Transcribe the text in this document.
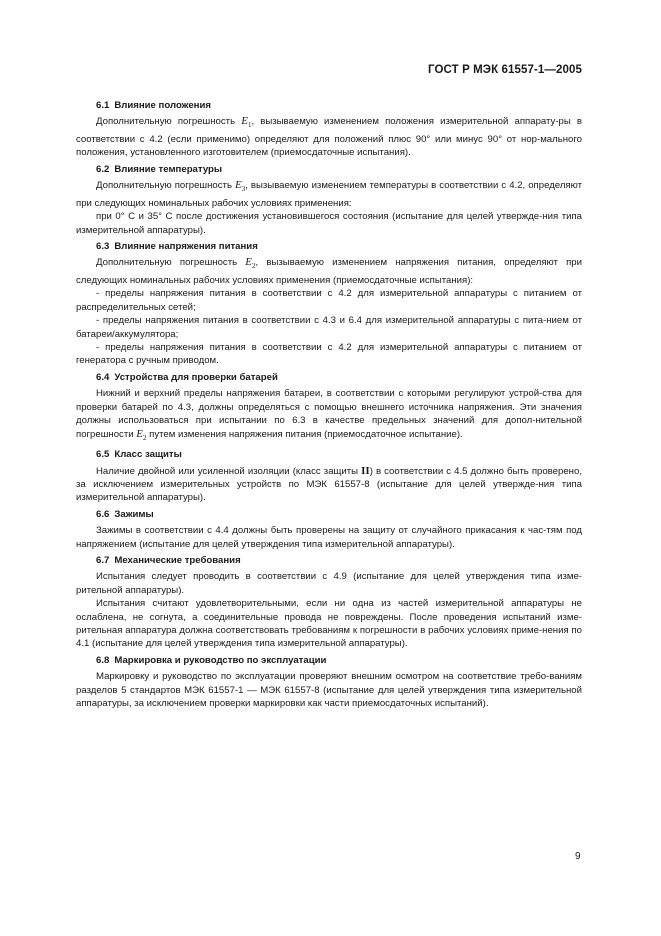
ГОСТ Р МЭК 61557-1—2005
6.1 Влияние положения

Дополнительную погрешность $E_1$, вызываемую изменением положения измерительной аппарату-ры в соответствии с 4.2 (если применимо) определяют для положений плюс 90° или минус 90° от нор-мального положения, установленного изготовителем (приемосдаточные испытания).

6.2 Влияние температуры

Дополнительную погрешность $E_3$, вызываемую изменением температуры в соответствии с 4.2, определяют при следующих номинальных рабочих условиях применения:

при 0° С и 35° С после достижения установившегося состояния (испытание для целей утвержде-ния типа измерительной аппаратуры).

6.3 Влияние напряжения питания

Дополнительную погрешность $E_2$, вызываемую изменением напряжения питания, определяют при следующих номинальных рабочих условиях применения (приемосдаточные испытания):

- пределы напряжения питания в соответствии с 4.2 для измерительной аппаратуры с питанием от распределительных сетей;

- пределы напряжения питания в соответствии с 4.3 и 6.4 для измерительной аппаратуры с пита-нием от батареи/аккумулятора;

- пределы напряжения питания в соответствии с 4.2 для измерительной аппаратуры с питанием от генератора с ручным приводом.

6.4 Устройства для проверки батарей

Нижний и верхний пределы напряжения батареи, в соответствии с которыми регулируют устрой-ства для проверки батарей по 4.3, должны определяться с помощью внешнего источника напряжения. Эти значения должны использоваться при испытании по 6.3 в качестве предельных значений для допол-нительной погрешности $E_2$ путем изменения напряжения питания (приемосдаточное испытание).

6.5 Класс защиты

Наличие двойной или усиленной изоляции (класс защиты II) в соответствии с 4.5 должно быть проверено, за исключением измерительных устройств по МЭК 61557-8 (испытание для целей утвержде-ния типа измерительной аппаратуры).

6.6 Зажимы

Зажимы в соответствии с 4.4 должны быть проверены на защиту от случайного прикасания к час-тям под напряжением (испытание для целей утверждения типа измерительной аппаратуры).

6.7 Механические требования

Испытания следует проводить в соответствии с 4.9 (испытание для целей утверждения типа изме-рительной аппаратуры).

Испытания считают удовлетворительными, если ни одна из частей измерительной аппаратуры не ослаблена, не согнута, а соединительные провода не повреждены. После проведения испытаний изме-рительная аппаратура должна соответствовать требованиям к погрешности в рабочих условиях приме-нения по 4.1 (испытание для целей утверждения типа измерительной аппаратуры).

6.8 Маркировка и руководство по эксплуатации

Маркировку и руководство по эксплуатации проверяют внешним осмотром на соответствие требо-ваниям разделов 5 стандартов МЭК 61557-1 — МЭК 61557-8 (испытание для целей утверждения типа измерительной аппаратуры, за исключением проверки маркировки как части приемосдаточных испытаний).

9
